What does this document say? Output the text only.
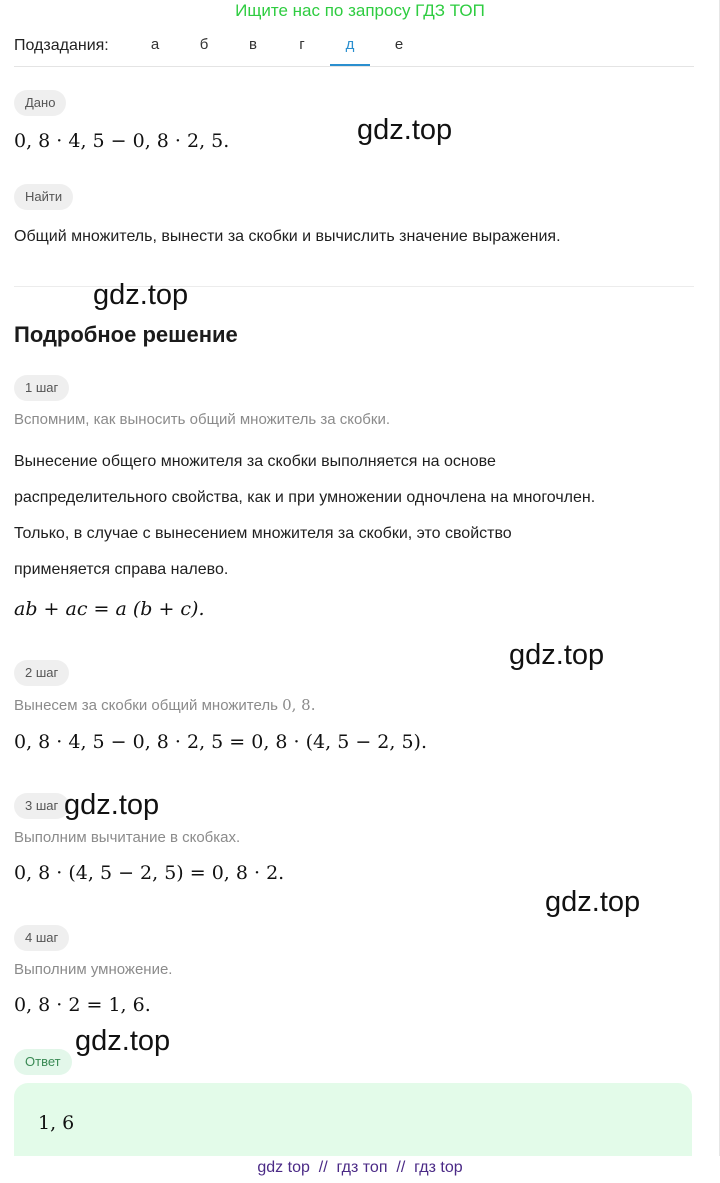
Ищите нас по запросу ГДЗ ТОП
Подзадания:	а	б	в	г	д	е
Дано
0, 8 · 4, 5 − 0, 8 · 2, 5.
Найти
Общий множитель, вынести за скобки и вычислить значение выражения.
Подробное решение
1 шаг
Вспомним, как выносить общий множитель за скобки.
Вынесение общего множителя за скобки выполняется на основе
распределительного свойства, как и при умножении одночлена на многочлен.
Только, в случае с вынесением множителя за скобки, это свойство
применяется справа налево.
ab + ac = a (b + c).
2 шаг
Вынесем за скобки общий множитель 0, 8.
0, 8 · 4, 5 − 0, 8 · 2, 5 = 0, 8 · (4, 5 − 2, 5).
3 шаг
Выполним вычитание в скобках.
0, 8 · (4, 5 − 2, 5) = 0, 8 · 2.
4 шаг
Выполним умножение.
0, 8 · 2 = 1, 6.
Ответ
1, 6
gdz.top
gdz.top
gdz.top
gdz.top
gdz.top
gdz.top
gdz top  //  гдз топ  //  гдз top
